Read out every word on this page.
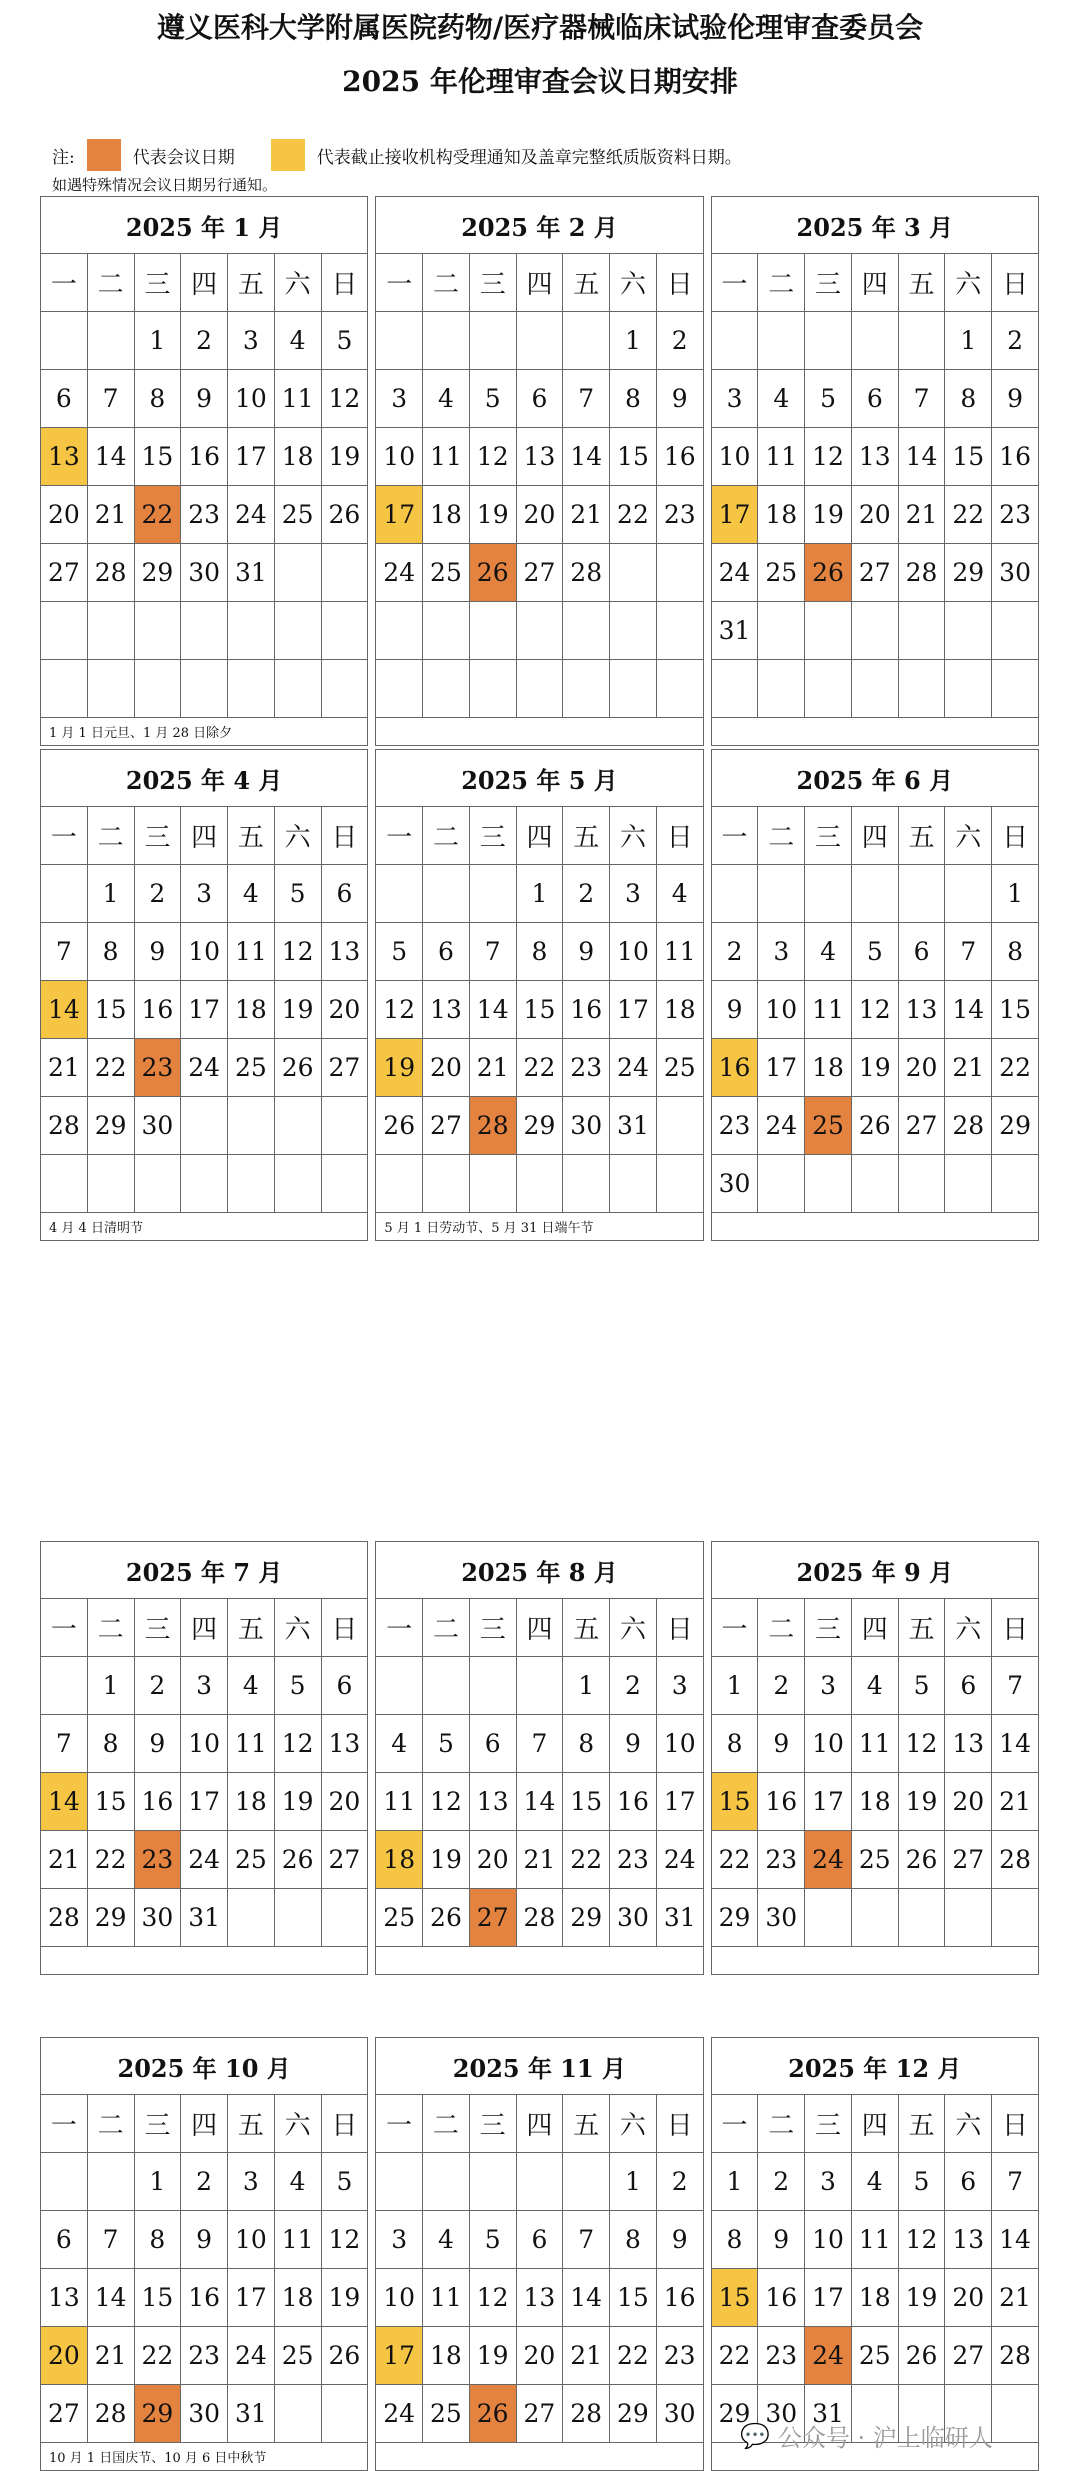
遵义医科大学附属医院药物/医疗器械临床试验伦理审查委员会
2025 年伦理审查会议日期安排
注:	代表会议日期	代表截止接收机构受理通知及盖章完整纸质版资料日期。
如遇特殊情况会议日期另行通知。
2025 年 1 月								2025 年 2 月								2025 年 3 月						
一	二	三	四	五	六	日		一	二	三	四	五	六	日		一	二	三	四	五	六	日
		1	2	3	4	5							1	2							1	2
6	7	8	9	10	11	12		3	4	5	6	7	8	9		3	4	5	6	7	8	9
13	14	15	16	17	18	19		10	11	12	13	14	15	16		10	11	12	13	14	15	16
20	21	22	23	24	25	26		17	18	19	20	21	22	23		17	18	19	20	21	22	23
27	28	29	30	31				24	25	26	27	28				24	25	26	27	28	29	30
																31						

1 月 1 日元旦、1 月 28 日除夕																						
2025 年 4 月								2025 年 5 月								2025 年 6 月						
一	二	三	四	五	六	日		一	二	三	四	五	六	日		一	二	三	四	五	六	日
	1	2	3	4	5	6					1	2	3	4								1
7	8	9	10	11	12	13		5	6	7	8	9	10	11		2	3	4	5	6	7	8
14	15	16	17	18	19	20		12	13	14	15	16	17	18		9	10	11	12	13	14	15
21	22	23	24	25	26	27		19	20	21	22	23	24	25		16	17	18	19	20	21	22
28	29	30						26	27	28	29	30	31			23	24	25	26	27	28	29
																30						
4 月 4 日清明节								5 月 1 日劳动节、5 月 31 日端午节														
2025 年 7 月								2025 年 8 月								2025 年 9 月						
一	二	三	四	五	六	日		一	二	三	四	五	六	日		一	二	三	四	五	六	日
	1	2	3	4	5	6						1	2	3		1	2	3	4	5	6	7
7	8	9	10	11	12	13		4	5	6	7	8	9	10		8	9	10	11	12	13	14
14	15	16	17	18	19	20		11	12	13	14	15	16	17		15	16	17	18	19	20	21
21	22	23	24	25	26	27		18	19	20	21	22	23	24		22	23	24	25	26	27	28
28	29	30	31					25	26	27	28	29	30	31		29	30					

2025 年 10 月								2025 年 11 月								2025 年 12 月						
一	二	三	四	五	六	日		一	二	三	四	五	六	日		一	二	三	四	五	六	日
		1	2	3	4	5							1	2		1	2	3	4	5	6	7
6	7	8	9	10	11	12		3	4	5	6	7	8	9		8	9	10	11	12	13	14
13	14	15	16	17	18	19		10	11	12	13	14	15	16		15	16	17	18	19	20	21
20	21	22	23	24	25	26		17	18	19	20	21	22	23		22	23	24	25	26	27	28
27	28	29	30	31				24	25	26	27	28	29	30		29	30	31				
10 月 1 日国庆节、10 月 6 日中秋节																						
💬 公众号 · 沪上临研人
